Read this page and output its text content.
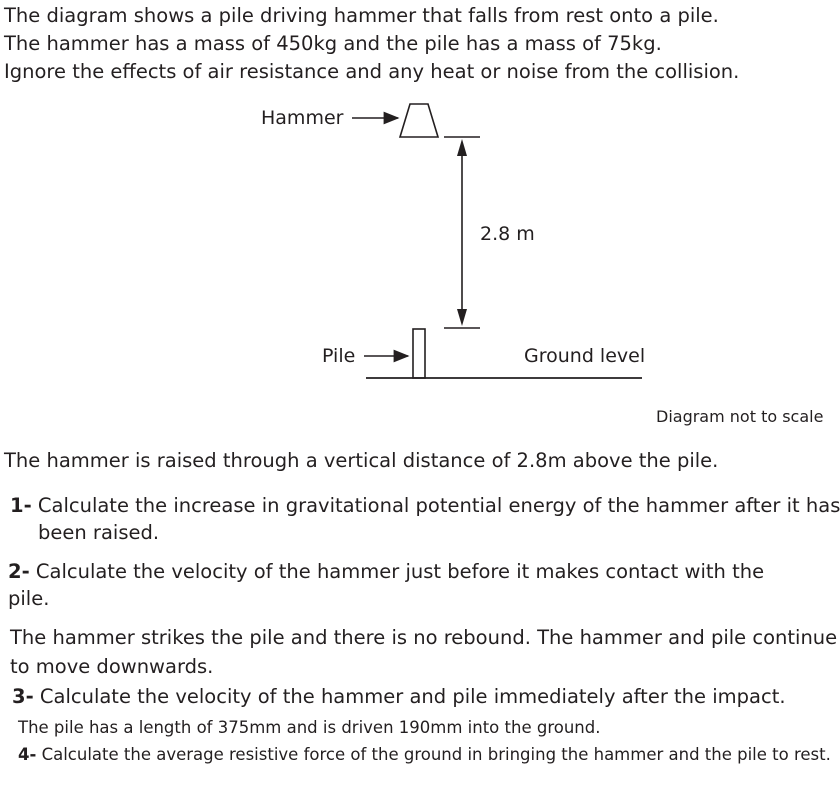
The diagram shows a pile driving hammer that falls from rest onto a pile.
The hammer has a mass of 450kg and the pile has a mass of 75kg.
Ignore the effects of air resistance and any heat or noise from the collision.
Hammer
2.8 m
Pile	Ground level
Diagram not to scale
The hammer is raised through a vertical distance of 2.8m above the pile.
1- Calculate the increase in gravitational potential energy of the hammer after it has
been raised.
2- Calculate the velocity of the hammer just before it makes contact with the
pile.
The hammer strikes the pile and there is no rebound. The hammer and pile continue
to move downwards.
3- Calculate the velocity of the hammer and pile immediately after the impact.
The pile has a length of 375mm and is driven 190mm into the ground.
4- Calculate the average resistive force of the ground in bringing the hammer and the pile to rest.
